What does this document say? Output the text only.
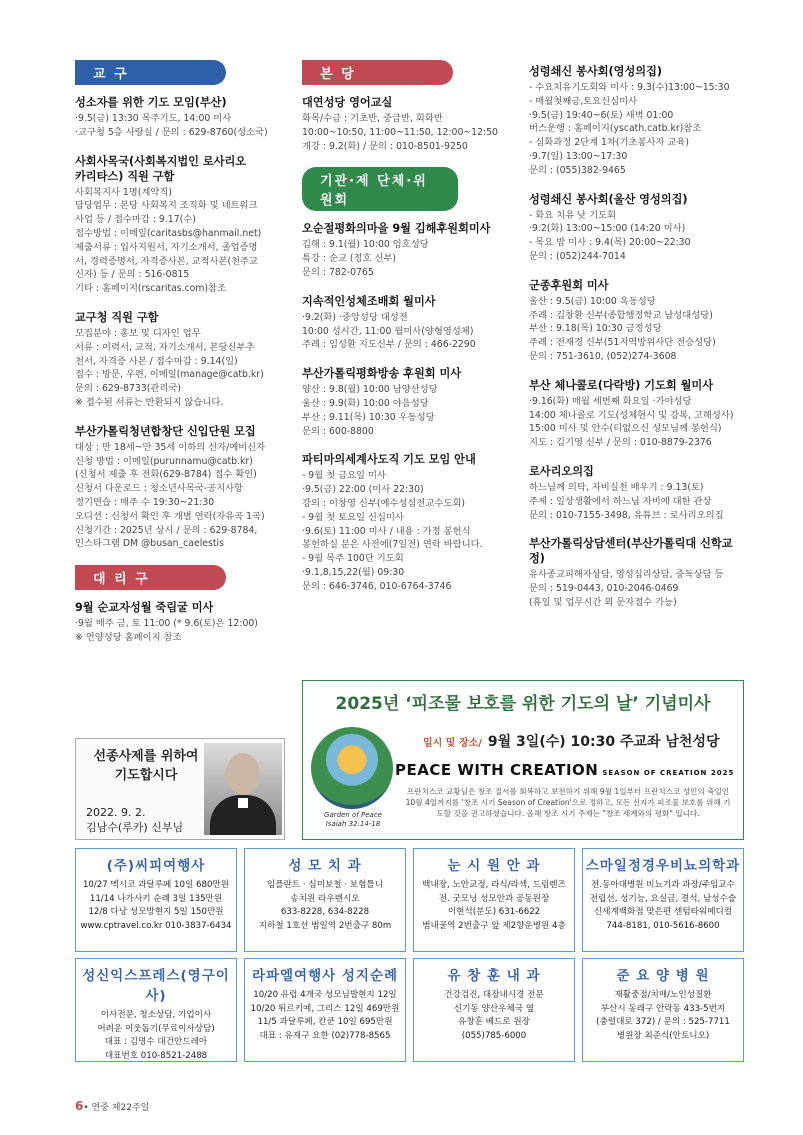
교 구
성소자를 위한 기도 모임(부산)
·9.5(금) 13:30 목주기도, 14:00 미사
·교구청 5층 사랑실 / 문의 : 629-8760(성소국)
사회사목국(사회복지법인 로사리오
카리타스) 직원 구함
사회복지사 1명(계약직)
담당업무 : 본당 사회복지 조직화 및 네트워크
사업 등 / 접수마감 : 9.17(수)
접수방법 : 이메일(caritasbs@hanmail.net)
제출서류 : 입사지원서, 자기소개서, 졸업증명
서, 경력증명서, 자격증사본, 교적사본(천주교
신자) 등 / 문의 : 516-0815
기타 : 홈페이지(rscaritas.com)참조
교구청 직원 구함
모집분야 : 홍보 및 디자인 업무
서류 : 이력서, 교적, 자기소개서, 본당신부추
천서, 자격증 사본 / 접수마감 : 9.14(일)
접수 : 방문, 우편, 이메일(manage@catb.kr)
문의 : 629-8733(관리국)
※ 접수된 서류는 반환되지 않습니다.
부산가톨릭청년합창단 신입단원 모집
대상 : 만 18세~만 35세 이하의 신자/예비신자
신청 방법 : 이메일(purunnamu@catb.kr)
(신청서 제출 후 전화(629-8784) 접수 확인)
신청서 다운로드 : 청소년사목국-공지사항
정기연습 : 매주 수 19:30~21:30
오디션 : 신청서 확인 후 개별 연락(자유곡 1곡)
신청기간 : 2025년 상시 / 문의 : 629-8784,
인스타그램 DM @busan_caelestis
대 리 구
9월 순교자성월 죽림굴 미사
·9월 매주 금, 토 11:00 (* 9.6(토)은 12:00)
※ 언양성당 홈페이지 참조
본 당
대연성당 영어교실
화목/수금 : 기초반, 중급반, 회화반
10:00~10:50, 11:00~11:50, 12:00~12:50
개강 : 9.2(화) / 문의 : 010-8501-9250
기관·제 단체·위원회
오순절평화의마을 9월 김해후원회미사
김해 : 9.1(월) 10:00 임호성당
특강 : 순교 (정호 신부)
문의 : 782-0765
지속적인성체조배회 월미사
·9.2(화) ·중앙성당 대성전
10:00 성시간, 11:00 월미사(양형영성체)
주례 : 임성환 지도신부 / 문의 : 466-2290
부산가톨릭평화방송 후원회 미사
양산 : 9.8(월) 10:00 남양산성당
울산 : 9.9(화) 10:00 야음성당
부산 : 9.11(목) 10:30 우동성당
문의 : 600-8800
파티마의세계사도직 기도 모임 안내
- 9월 첫 금요일 미사
·9.5(금) 22:00 (미사 22:30)
강의 : 이창영 신부(예수성심전교수도회)
- 9월 첫 토요일 신심미사
·9.6(토) 11:00 미사 / 내용 : 가정 봉헌식
봉헌하실 분은 사전에(7일전) 연락 바랍니다.
- 9월 목주 100단 기도회
·9.1,8,15,22(월) 09:30
문의 : 646-3746, 010-6764-3746
성령쇄신 봉사회(영성의집)
- 수요치유기도회와 미사 : 9.3(수)13:00~15:30
- 매월첫째금,토요신심미사
·9.5(금) 19:40~6(토) 새벽 01:00
버스운행 : 홈페이지(yscath.catb.kr)참조
- 심화과정 2단계 1차(기초봉사자 교육)
·9.7(일) 13:00~17:30
문의 : (055)382-9465
성령쇄신 봉사회(울산 영성의집)
- 화요 치유 낮 기도회
·9.2(화) 13:00~15:00 (14:20 미사)
- 목요 밤 미사 : 9.4(목) 20:00~22:30
문의 : (052)244-7014
군종후원회 미사
울산 : 9.5(금) 10:00 옥동성당
주례 : 김창환 신부(종합행정학교 남성대성당)
부산 : 9.18(목) 10:30 금정성당
주례 : 전재경 신부(51지역방위사단 전승성당)
문의 : 751-3610, (052)274-3608
부산 체나콜로(다락방) 기도회 월미사
·9.16(화) 매월 세번째 화요일 ·가야성당
14:00 체나콜로 기도(성체현시 및 강복, 고해성사)
15:00 미사 및 안수(티없으신 성모님께 봉헌식)
지도 : 김기영 신부 / 문의 : 010-8879-2376
로사리오의집
하느님께 의탁, 자비실천 배우기 : 9.13(토)
주제 : 일상생활에서 하느님 자비에 대한 관상
문의 : 010-7155-3498, 유튜브 : 로사리오의집
부산가톨릭상담센터(부산가톨릭대 신학교정)
유사종교피해자상담, 영성심리상담, 중독상담 등
문의 : 519-0443, 010-2046-0469
(휴일 및 업무시간 외 문자접수 가능)
선종사제를 위하여
기도합시다
2022. 9. 2.
김남수(루카) 신부님
2025년 ‘피조물 보호를 위한 기도의 날’ 기념미사
Garden of Peace
Isaiah 32:14-18
일시 및 장소/ 9월 3일(수) 10:30 주교좌 남천성당
PEACE WITH CREATION SEASON OF CREATION 2025
프란치스코 교황님은 창조 질서를 회복하고 보전하기 위해 9월 1일부터 프란치스코 성인의 축일인 10월 4일까지를 '창조 시기 Season of Creation'으로 정하고, 모든 신자가 피조물 보호를 위해 기도할 것을 권고하셨습니다. 올해 창조 시기 주제는 "창조 세계와의 평화" 입니다.
(주)씨피여행사
10/27 멕시코 과달루페 10일 680만원
11/14 나가사키 순례 3일 135만원
12/8 다낭 성모방현지 5일 150만원
www.cptravel.co.kr 010-3837-6434
성 모 치 과
임플란트 · 심미보철 · 보험틀니
송치원 라우렌시오
633-8228, 634-8228
지하철 1호선 범일역 2번출구 80m
눈 시 원 안 과
백내장, 노안교정, 라식/라섹, 드림렌즈
전. 굿모닝 성모안과 공동원장
이현석(분도) 631-6622
범내골역 2번출구 앞 제2향운병원 4층
스마일정경우비뇨의학과
전.동아대병원 비뇨기과 과장/주임교수
전립선, 성기능, 요실금, 결석, 남성수술
신세계백화점 맞은편 센텀타워메디컬
744-8181, 010-5616-8600
성신익스프레스(영구이사)
이사전문, 청소상담, 기업이사
어려운 이웃돕기(무료이사상담)
대표 : 김명수 대건안드레아
대표번호 010-8521-2488
라파엘여행사 성지순례
10/20 유럽 4개국 성모님발현지 12일
10/20 튀르키예, 그리스 12일 469만원
11/5 과달루페, 칸쿤 10일 695만원
대표 : 유재구 요한 (02)778-8565
유 창 훈 내 과
건강검진, 대장내시경 전문
신기동 양산우체국 옆
유창훈 베드로 원장
(055)785-6000
준 요 양 병 원
재활중점/치매/노인성질환
부산시 동래구 안락동 433-5번지
(충렬대로 372) / 문의 : 525-7711
병원장 최준식(안토니오)
6• 연중 제22주일
